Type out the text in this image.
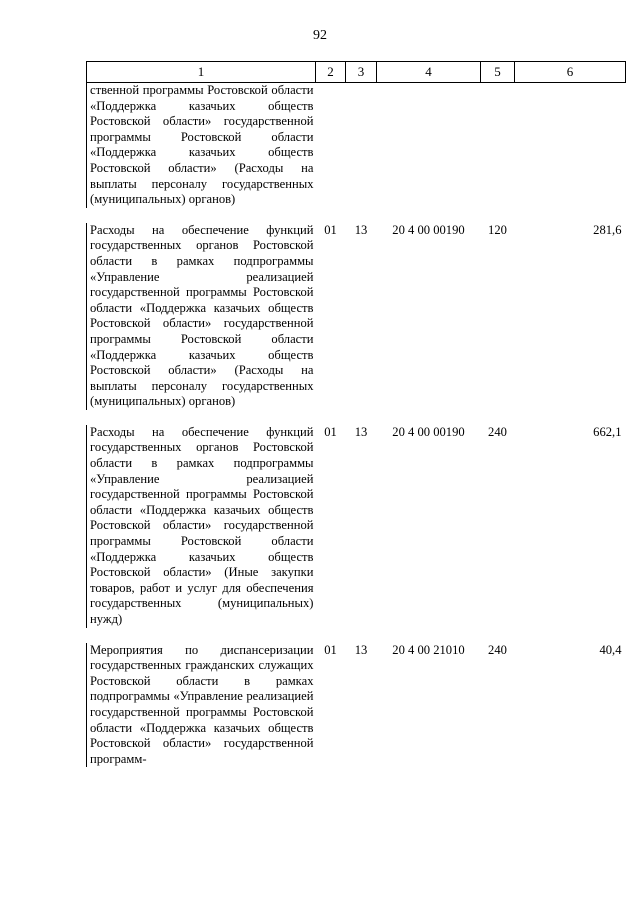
92
1	2	3	4	5	6

ственной программы Ростовской области «Поддержка казачьих обществ Ростовской области» государственной программы Ростовской области «Поддержка казачьих обществ Ростовской области» (Расходы на выплаты персоналу государственных (муниципальных) органов)					

Расходы на обеспечение функций государственных органов Ростовской области в рамках подпрограммы «Управление реализацией государственной программы Ростовской области «Поддержка казачьих обществ Ростовской области» государственной программы Ростовской области «Поддержка казачьих обществ Ростовской области» (Расходы на выплаты персоналу государственных (муниципальных) органов)	01	13	20 4 00 00190	120	281,6

Расходы на обеспечение функций государственных органов Ростовской области в рамках подпрограммы «Управление реализацией государственной программы Ростовской области «Поддержка казачьих обществ Ростовской области» государственной программы Ростовской области «Поддержка казачьих обществ Ростовской области» (Иные закупки товаров, работ и услуг для обеспечения государственных (муниципальных) нужд)	01	13	20 4 00 00190	240	662,1

Мероприятия по диспансеризации государственных гражданских служащих Ростовской области в рамках подпрограммы «Управление реализацией государственной программы Ростовской области «Поддержка казачьих обществ Ростовской области» государственной программ-	01	13	20 4 00 21010	240	40,4
